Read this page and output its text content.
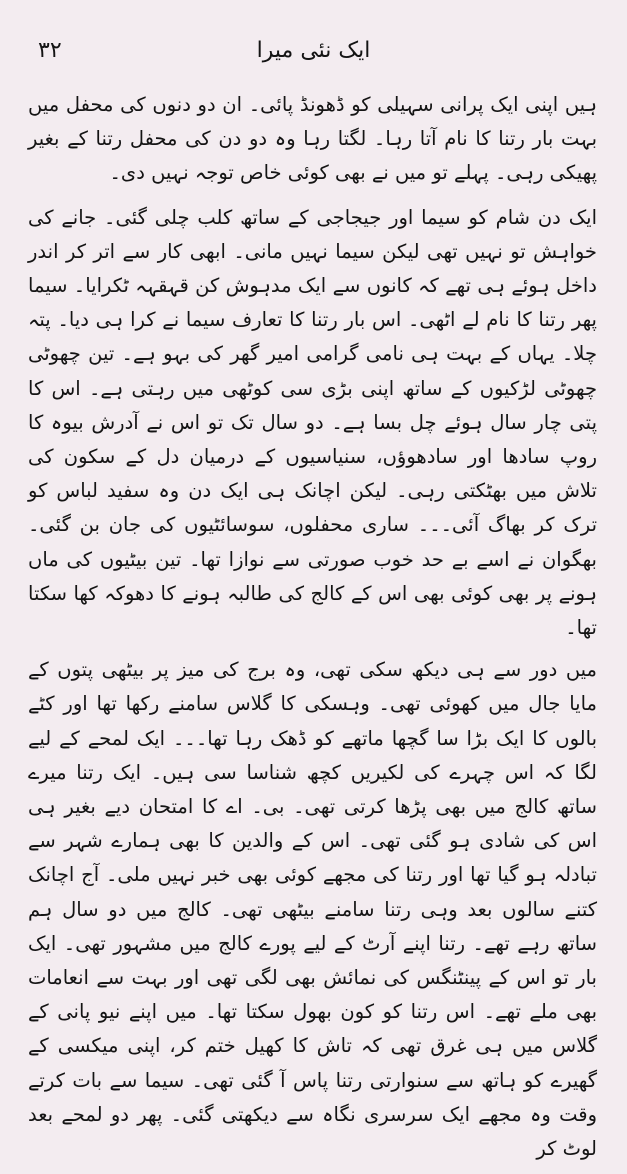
۳۲	ایک نئی میرا

ہیں اپنی ایک پرانی سہیلی کو ڈھونڈ پائی۔ ان دو دنوں کی محفل میں بہت بار رتنا کا نام آتا رہا۔ لگتا رہا وہ دو دن کی محفل رتنا کے بغیر پھیکی رہی۔ پہلے تو میں نے بھی کوئی خاص توجہ نہیں دی۔

ایک دن شام کو سیما اور جیجاجی کے ساتھ کلب چلی گئی۔ جانے کی خواہش تو نہیں تھی لیکن سیما نہیں مانی۔ ابھی کار سے اتر کر اندر داخل ہوئے ہی تھے کہ کانوں سے ایک مدہوش کن قہقہہ ٹکرایا۔ سیما پھر رتنا کا نام لے اٹھی۔ اس بار رتنا کا تعارف سیما نے کرا ہی دیا۔ پتہ چلا۔ یہاں کے بہت ہی نامی گرامی امیر گھر کی بہو ہے۔ تین چھوٹی چھوٹی لڑکیوں کے ساتھ اپنی بڑی سی کوٹھی میں رہتی ہے۔ اس کا پتی چار سال ہوئے چل بسا ہے۔ دو سال تک تو اس نے آدرش بیوہ کا روپ سادھا اور سادھوؤں، سنیاسیوں کے درمیان دل کے سکون کی تلاش میں بھٹکتی رہی۔ لیکن اچانک ہی ایک دن وہ سفید لباس کو ترک کر بھاگ آئی۔۔۔ ساری محفلوں، سوسائٹیوں کی جان بن گئی۔ بھگوان نے اسے بے حد خوب صورتی سے نوازا تھا۔ تین بیٹیوں کی ماں ہونے پر بھی کوئی بھی اس کے کالج کی طالبہ ہونے کا دھوکہ کھا سکتا تھا۔

میں دور سے ہی دیکھ سکی تھی، وہ برج کی میز پر بیٹھی پتوں کے مایا جال میں کھوئی تھی۔ وہسکی کا گلاس سامنے رکھا تھا اور کٹے بالوں کا ایک بڑا سا گچھا ماتھے کو ڈھک رہا تھا۔۔۔ ایک لمحے کے لیے لگا کہ اس چہرے کی لکیریں کچھ شناسا سی ہیں۔ ایک رتنا میرے ساتھ کالج میں بھی پڑھا کرتی تھی۔ بی۔ اے کا امتحان دیے بغیر ہی اس کی شادی ہو گئی تھی۔ اس کے والدین کا بھی ہمارے شہر سے تبادلہ ہو گیا تھا اور رتنا کی مجھے کوئی بھی خبر نہیں ملی۔ آج اچانک کتنے سالوں بعد وہی رتنا سامنے بیٹھی تھی۔ کالج میں دو سال ہم ساتھ رہے تھے۔ رتنا اپنے آرٹ کے لیے پورے کالج میں مشہور تھی۔ ایک بار تو اس کے پینٹنگس کی نمائش بھی لگی تھی اور بہت سے انعامات بھی ملے تھے۔ اس رتنا کو کون بھول سکتا تھا۔ میں اپنے نیو پانی کے گلاس میں ہی غرق تھی کہ تاش کا کھیل ختم کر، اپنی میکسی کے گھیرے کو ہاتھ سے سنوارتی رتنا پاس آ گئی تھی۔ سیما سے بات کرتے وقت وہ مجھے ایک سرسری نگاہ سے دیکھتی گئی۔ پھر دو لمحے بعد لوٹ کر
